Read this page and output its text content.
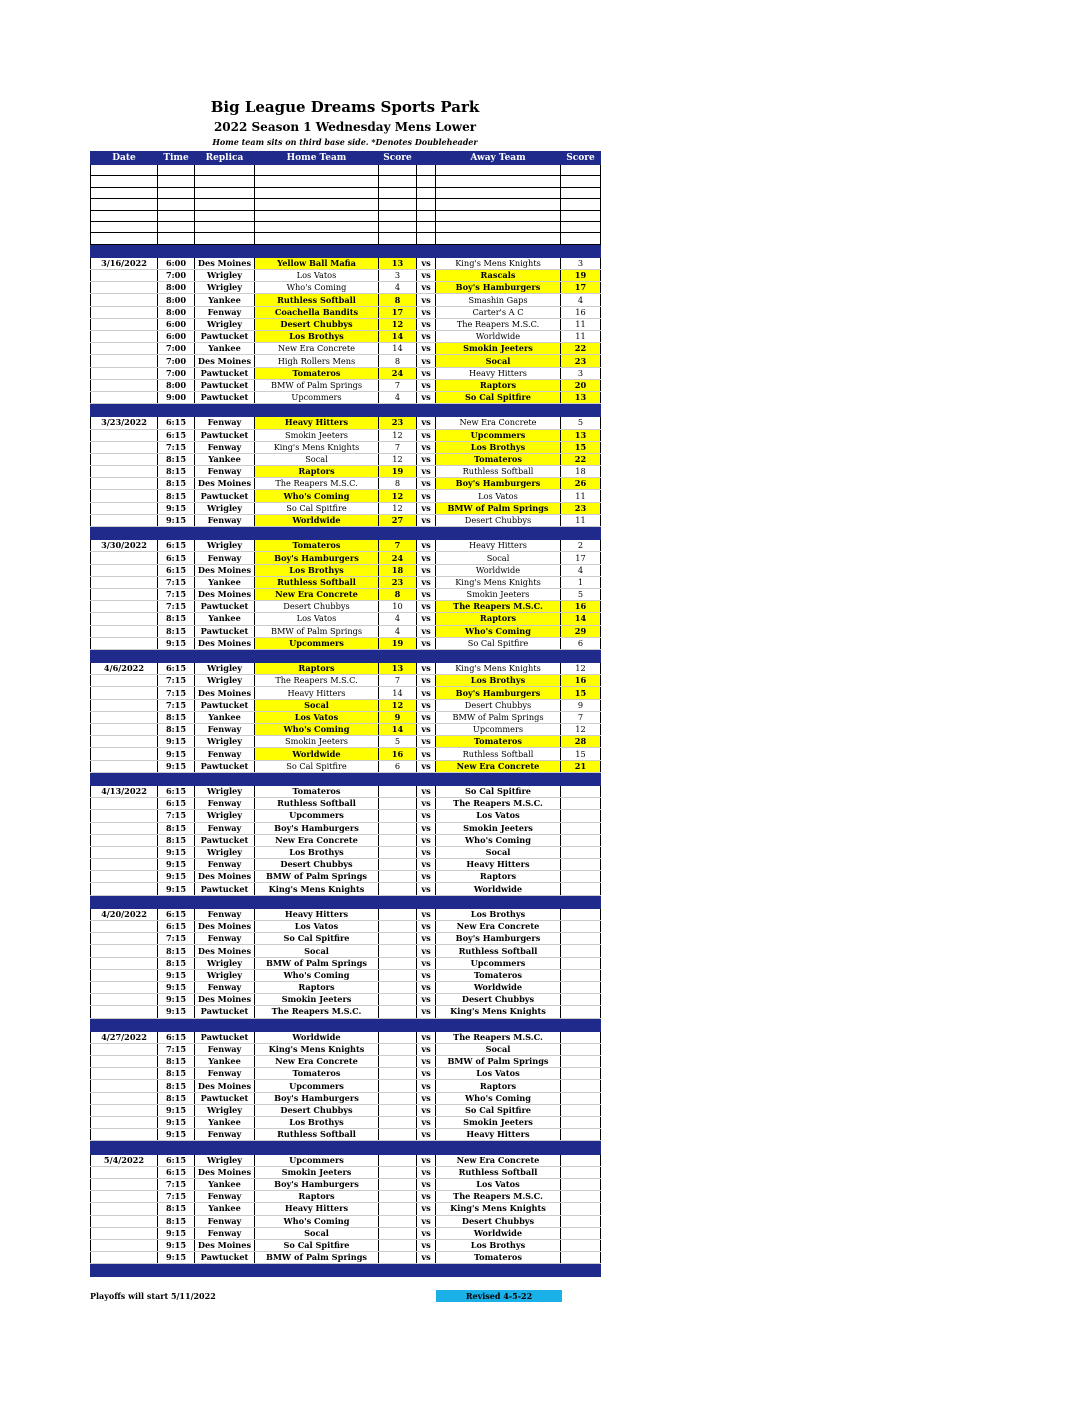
Big League Dreams Sports Park
2022 Season 1 Wednesday Mens Lower
Home team sits on third base side. *Denotes Doubleheader
Date	Time	Replica	Home Team	Score		Away Team	Score

3/16/2022	6:00	Des Moines	Yellow Ball Mafia	13	vs	King's Mens Knights	3
	7:00	Wrigley	Los Vatos	3	vs	Rascals	19
	8:00	Wrigley	Who's Coming	4	vs	Boy's Hamburgers	17
	8:00	Yankee	Ruthless Softball	8	vs	Smashin Gaps	4
	8:00	Fenway	Coachella Bandits	17	vs	Carter's A C	16
	6:00	Wrigley	Desert Chubbys	12	vs	The Reapers M.S.C.	11
	6:00	Pawtucket	Los Brothys	14	vs	Worldwide	11
	7:00	Yankee	New Era Concrete	14	vs	Smokin Jeeters	22
	7:00	Des Moines	High Rollers Mens	8	vs	Socal	23
	7:00	Pawtucket	Tomateros	24	vs	Heavy Hitters	3
	8:00	Pawtucket	BMW of Palm Springs	7	vs	Raptors	20
	9:00	Pawtucket	Upcommers	4	vs	So Cal Spitfire	13

3/23/2022	6:15	Fenway	Heavy Hitters	23	vs	New Era Concrete	5
	6:15	Pawtucket	Smokin Jeeters	12	vs	Upcommers	13
	7:15	Fenway	King's Mens Knights	7	vs	Los Brothys	15
	8:15	Yankee	Socal	12	vs	Tomateros	22
	8:15	Fenway	Raptors	19	vs	Ruthless Softball	18
	8:15	Des Moines	The Reapers M.S.C.	8	vs	Boy's Hamburgers	26
	8:15	Pawtucket	Who's Coming	12	vs	Los Vatos	11
	9:15	Wrigley	So Cal Spitfire	12	vs	BMW of Palm Springs	23
	9:15	Fenway	Worldwide	27	vs	Desert Chubbys	11

3/30/2022	6:15	Wrigley	Tomateros	7	vs	Heavy Hitters	2
	6:15	Fenway	Boy's Hamburgers	24	vs	Socal	17
	6:15	Des Moines	Los Brothys	18	vs	Worldwide	4
	7:15	Yankee	Ruthless Softball	23	vs	King's Mens Knights	1
	7:15	Des Moines	New Era Concrete	8	vs	Smokin Jeeters	5
	7:15	Pawtucket	Desert Chubbys	10	vs	The Reapers M.S.C.	16
	8:15	Yankee	Los Vatos	4	vs	Raptors	14
	8:15	Pawtucket	BMW of Palm Springs	4	vs	Who's Coming	29
	9:15	Des Moines	Upcommers	19	vs	So Cal Spitfire	6

4/6/2022	6:15	Wrigley	Raptors	13	vs	King's Mens Knights	12
	7:15	Wrigley	The Reapers M.S.C.	7	vs	Los Brothys	16
	7:15	Des Moines	Heavy Hitters	14	vs	Boy's Hamburgers	15
	7:15	Pawtucket	Socal	12	vs	Desert Chubbys	9
	8:15	Yankee	Los Vatos	9	vs	BMW of Palm Springs	7
	8:15	Fenway	Who's Coming	14	vs	Upcommers	12
	9:15	Wrigley	Smokin Jeeters	5	vs	Tomateros	28
	9:15	Fenway	Worldwide	16	vs	Ruthless Softball	15
	9:15	Pawtucket	So Cal Spitfire	6	vs	New Era Concrete	21

4/13/2022	6:15	Wrigley	Tomateros		vs	So Cal Spitfire	
	6:15	Fenway	Ruthless Softball		vs	The Reapers M.S.C.	
	7:15	Wrigley	Upcommers		vs	Los Vatos	
	8:15	Fenway	Boy's Hamburgers		vs	Smokin Jeeters	
	8:15	Pawtucket	New Era Concrete		vs	Who's Coming	
	9:15	Wrigley	Los Brothys		vs	Socal	
	9:15	Fenway	Desert Chubbys		vs	Heavy Hitters	
	9:15	Des Moines	BMW of Palm Springs		vs	Raptors	
	9:15	Pawtucket	King's Mens Knights		vs	Worldwide	

4/20/2022	6:15	Fenway	Heavy Hitters		vs	Los Brothys	
	6:15	Des Moines	Los Vatos		vs	New Era Concrete	
	7:15	Fenway	So Cal Spitfire		vs	Boy's Hamburgers	
	8:15	Des Moines	Socal		vs	Ruthless Softball	
	8:15	Wrigley	BMW of Palm Springs		vs	Upcommers	
	9:15	Wrigley	Who's Coming		vs	Tomateros	
	9:15	Fenway	Raptors		vs	Worldwide	
	9:15	Des Moines	Smokin Jeeters		vs	Desert Chubbys	
	9:15	Pawtucket	The Reapers M.S.C.		vs	King's Mens Knights	

4/27/2022	6:15	Pawtucket	Worldwide		vs	The Reapers M.S.C.	
	7:15	Fenway	King's Mens Knights		vs	Socal	
	8:15	Yankee	New Era Concrete		vs	BMW of Palm Springs	
	8:15	Fenway	Tomateros		vs	Los Vatos	
	8:15	Des Moines	Upcommers		vs	Raptors	
	8:15	Pawtucket	Boy's Hamburgers		vs	Who's Coming	
	9:15	Wrigley	Desert Chubbys		vs	So Cal Spitfire	
	9:15	Yankee	Los Brothys		vs	Smokin Jeeters	
	9:15	Fenway	Ruthless Softball		vs	Heavy Hitters	

5/4/2022	6:15	Wrigley	Upcommers		vs	New Era Concrete	
	6:15	Des Moines	Smokin Jeeters		vs	Ruthless Softball	
	7:15	Yankee	Boy's Hamburgers		vs	Los Vatos	
	7:15	Fenway	Raptors		vs	The Reapers M.S.C.	
	8:15	Yankee	Heavy Hitters		vs	King's Mens Knights	
	8:15	Fenway	Who's Coming		vs	Desert Chubbys	
	9:15	Fenway	Socal		vs	Worldwide	
	9:15	Des Moines	So Cal Spitfire		vs	Los Brothys	
	9:15	Pawtucket	BMW of Palm Springs		vs	Tomateros	

Playoffs will start 5/11/2022	Revised 4-5-22
